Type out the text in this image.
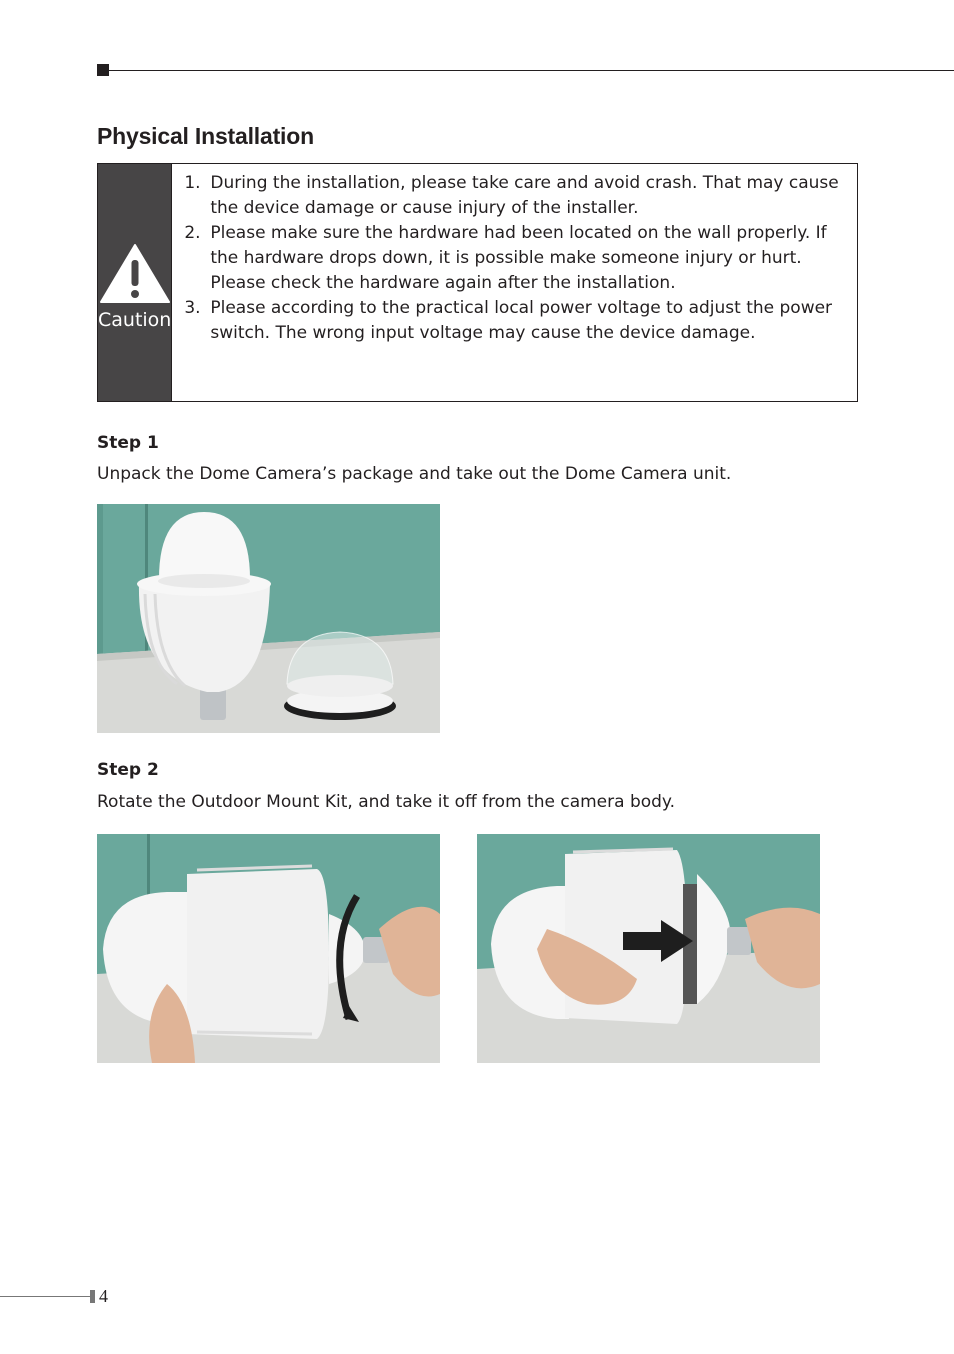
Physical Installation
Caution
1. During the installation, please take care and avoid crash. That may cause the device damage or cause injury of the installer.
2. Please make sure the hardware had been located on the wall properly. If the hardware drops down, it is possible make someone injury or hurt. Please check the hardware again after the installation.
3. Please according to the practical local power voltage to adjust the power switch. The wrong input voltage may cause the device damage.
Step 1

Unpack the Dome Camera’s package and take out the Dome Camera unit.

Step 2

Rotate the Outdoor Mount Kit, and take it off from the camera body.

4
